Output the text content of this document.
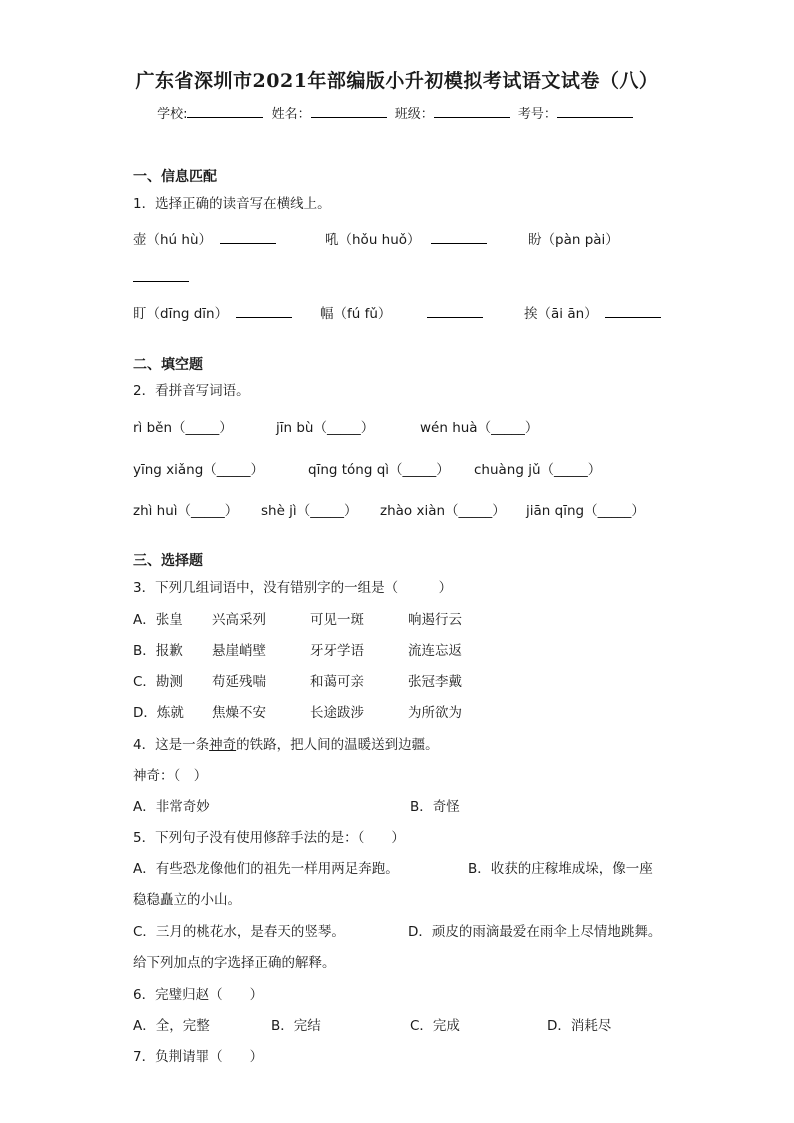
广东省深圳市2021年部编版小升初模拟考试语文试卷（八）
学校:	姓名：	班级：	考号：
一、信息匹配
1．选择正确的读音写在横线上。
壶（hú hù）	吼（hǒu huǒ）	盼（pàn pài）
盯（dīng dīn）	幅（fú fǔ）	挨（āi ān）
二、填空题
2．看拼音写词语。
rì běn（_____）	jīn bù（_____）	wén huà（_____）
yīng xiǎng（_____）	qīng tóng qì（_____） chuàng jǔ（_____）
zhì huì（_____） shè jì（_____） zhào xiàn（_____） jiān qīng（_____）
三、选择题
3．下列几组词语中，没有错别字的一组是（　　　）
A．张皇 兴高采列	可见一斑	响遏行云
B．报歉 悬崖峭壁	牙牙学语	流连忘返
C．勘测 苟延残喘	和蔼可亲	张冠李戴
D．炼就 焦燥不安	长途跋涉	为所欲为
4．这是一条神奇的铁路，把人间的温暖送到边疆。
神奇：（　）
A．非常奇妙	B．奇怪
5．下列句子没有使用修辞手法的是：（　　）
A．有些恐龙像他们的祖先一样用两足奔跑。	B．收获的庄稼堆成垛，像一座
稳稳矗立的小山。
C．三月的桃花水，是春天的竖琴。	D．顽皮的雨滴最爱在雨伞上尽情地跳舞。
给下列加点的字选择正确的解释。
6．完璧归赵（　　）
A．全，完整	B．完结	C．完成	D．消耗尽
7．负荆请罪（　　）
